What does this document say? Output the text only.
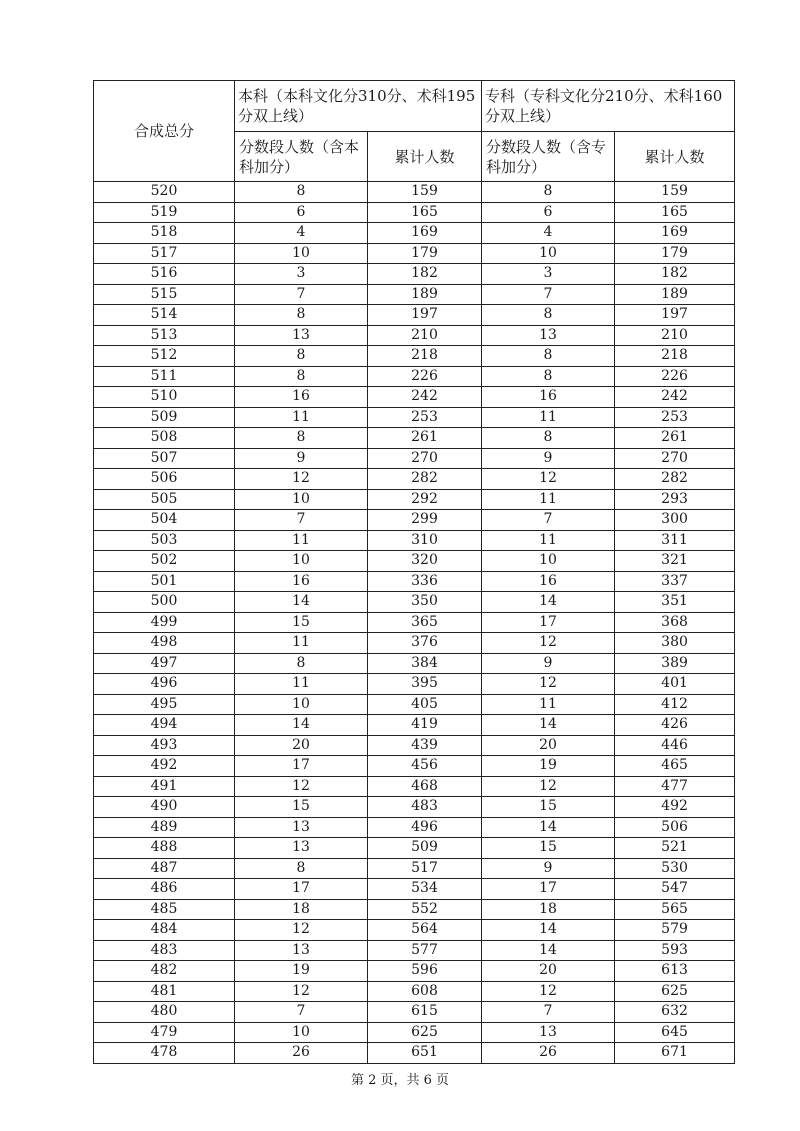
合成总分	本科（本科文化分310分、术科195分双上线）		专科（专科文化分210分、术科160分双上线）	
	分数段人数（含本科加分）	累计人数	分数段人数（含专科加分）	累计人数
520	8	159	8	159
519	6	165	6	165
518	4	169	4	169
517	10	179	10	179
516	3	182	3	182
515	7	189	7	189
514	8	197	8	197
513	13	210	13	210
512	8	218	8	218
511	8	226	8	226
510	16	242	16	242
509	11	253	11	253
508	8	261	8	261
507	9	270	9	270
506	12	282	12	282
505	10	292	11	293
504	7	299	7	300
503	11	310	11	311
502	10	320	10	321
501	16	336	16	337
500	14	350	14	351
499	15	365	17	368
498	11	376	12	380
497	8	384	9	389
496	11	395	12	401
495	10	405	11	412
494	14	419	14	426
493	20	439	20	446
492	17	456	19	465
491	12	468	12	477
490	15	483	15	492
489	13	496	14	506
488	13	509	15	521
487	8	517	9	530
486	17	534	17	547
485	18	552	18	565
484	12	564	14	579
483	13	577	14	593
482	19	596	20	613
481	12	608	12	625
480	7	615	7	632
479	10	625	13	645
478	26	651	26	671
第 2 页，共 6 页
